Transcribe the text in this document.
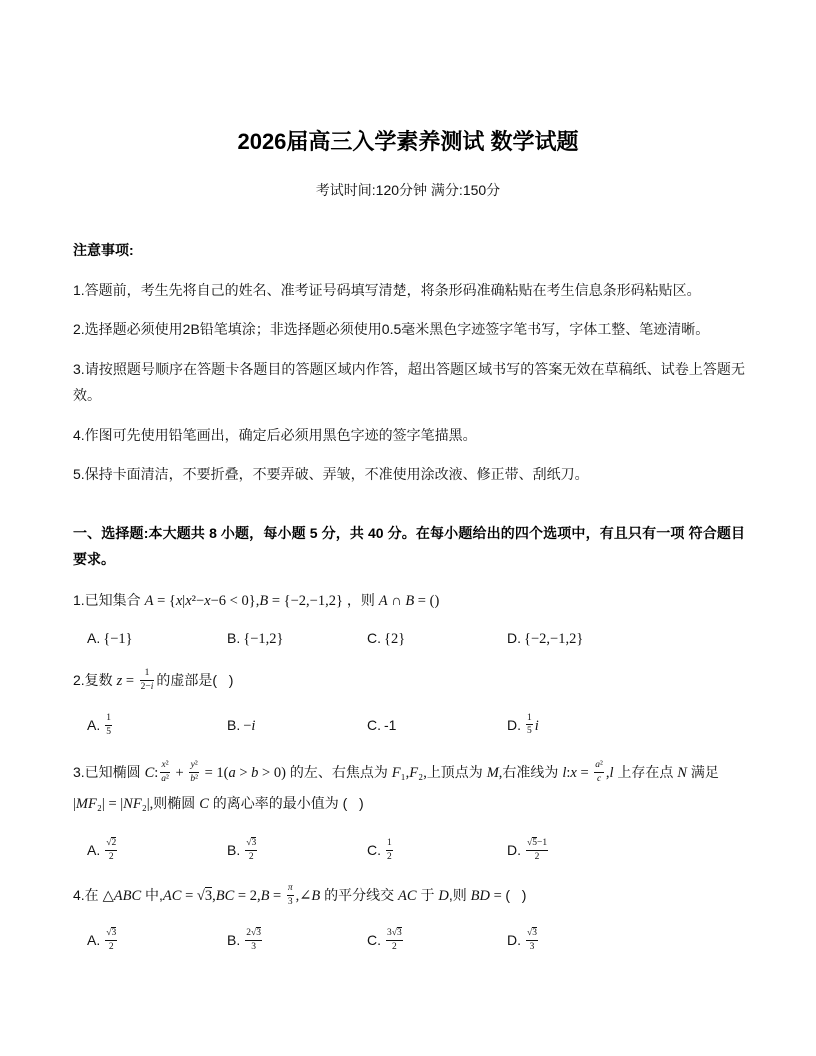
2026届高三入学素养测试 数学试题
考试时间:120分钟 满分:150分
注意事项:

1.答题前，考生先将自己的姓名、准考证号码填写清楚，将条形码准确粘贴在考生信息条形码粘贴区。

2.选择题必须使用2B铅笔填涂；非选择题必须使用0.5毫米黑色字迹签字笔书写，字体工整、笔迹清晰。

3.请按照题号顺序在答题卡各题目的答题区域内作答，超出答题区域书写的答案无效在草稿纸、试卷上答题无效。

4.作图可先使用铅笔画出，确定后必须用黑色字迹的签字笔描黑。

5.保持卡面清洁，不要折叠，不要弄破、弄皱，不准使用涂改液、修正带、刮纸刀。

一、选择题:本大题共 8 小题，每小题 5 分，共 40 分。在每小题给出的四个选项中，有且只有一项 符合题目要求。
1.已知集合 A = {x|x²−x−6 < 0},B = {−2,−1,2} ，则 A ∩ B = ()
A. {−1}	B. {−1,2}	C. {2}	D. {−2,−1,2}
2.复数 $z = \frac{1}{2-i}$ 的虚部是(   )
A. $\frac{1}{5}$	B. −i	C. -1	D. $\frac{1}{5}$ i
3.已知椭圆 C: $\frac{\text{x²}}{\text{a²}} + \frac{\text{y²}}{\text{b²}} = 1(a > b > 0)$ 的左、右焦点为 F₁,F₂,上顶点为 M,右准线为 l:x = $\frac{\text{a²}}{c} ,l$ 上存在点 N 满足
|MF₂| = |NF₂|,则椭圆 C 的离心率的最小值为 (   )
A. $\frac{√2}{2}$	B. $\frac{√3}{2}$	C. $\frac{1}{2}$	D. $\frac{√5-1}{2}$
4.在 △ABC 中$,AC = √3,BC = 2,B = \frac{\pi}{3}$ ,∠B 的平分线交 AC 于 D,则 BD = (   )
A. $\frac{√3}{2}$	B. $\frac{2√3}{3}$	C. $\frac{3√3}{2}$	D. $\frac{√3}{3}$
